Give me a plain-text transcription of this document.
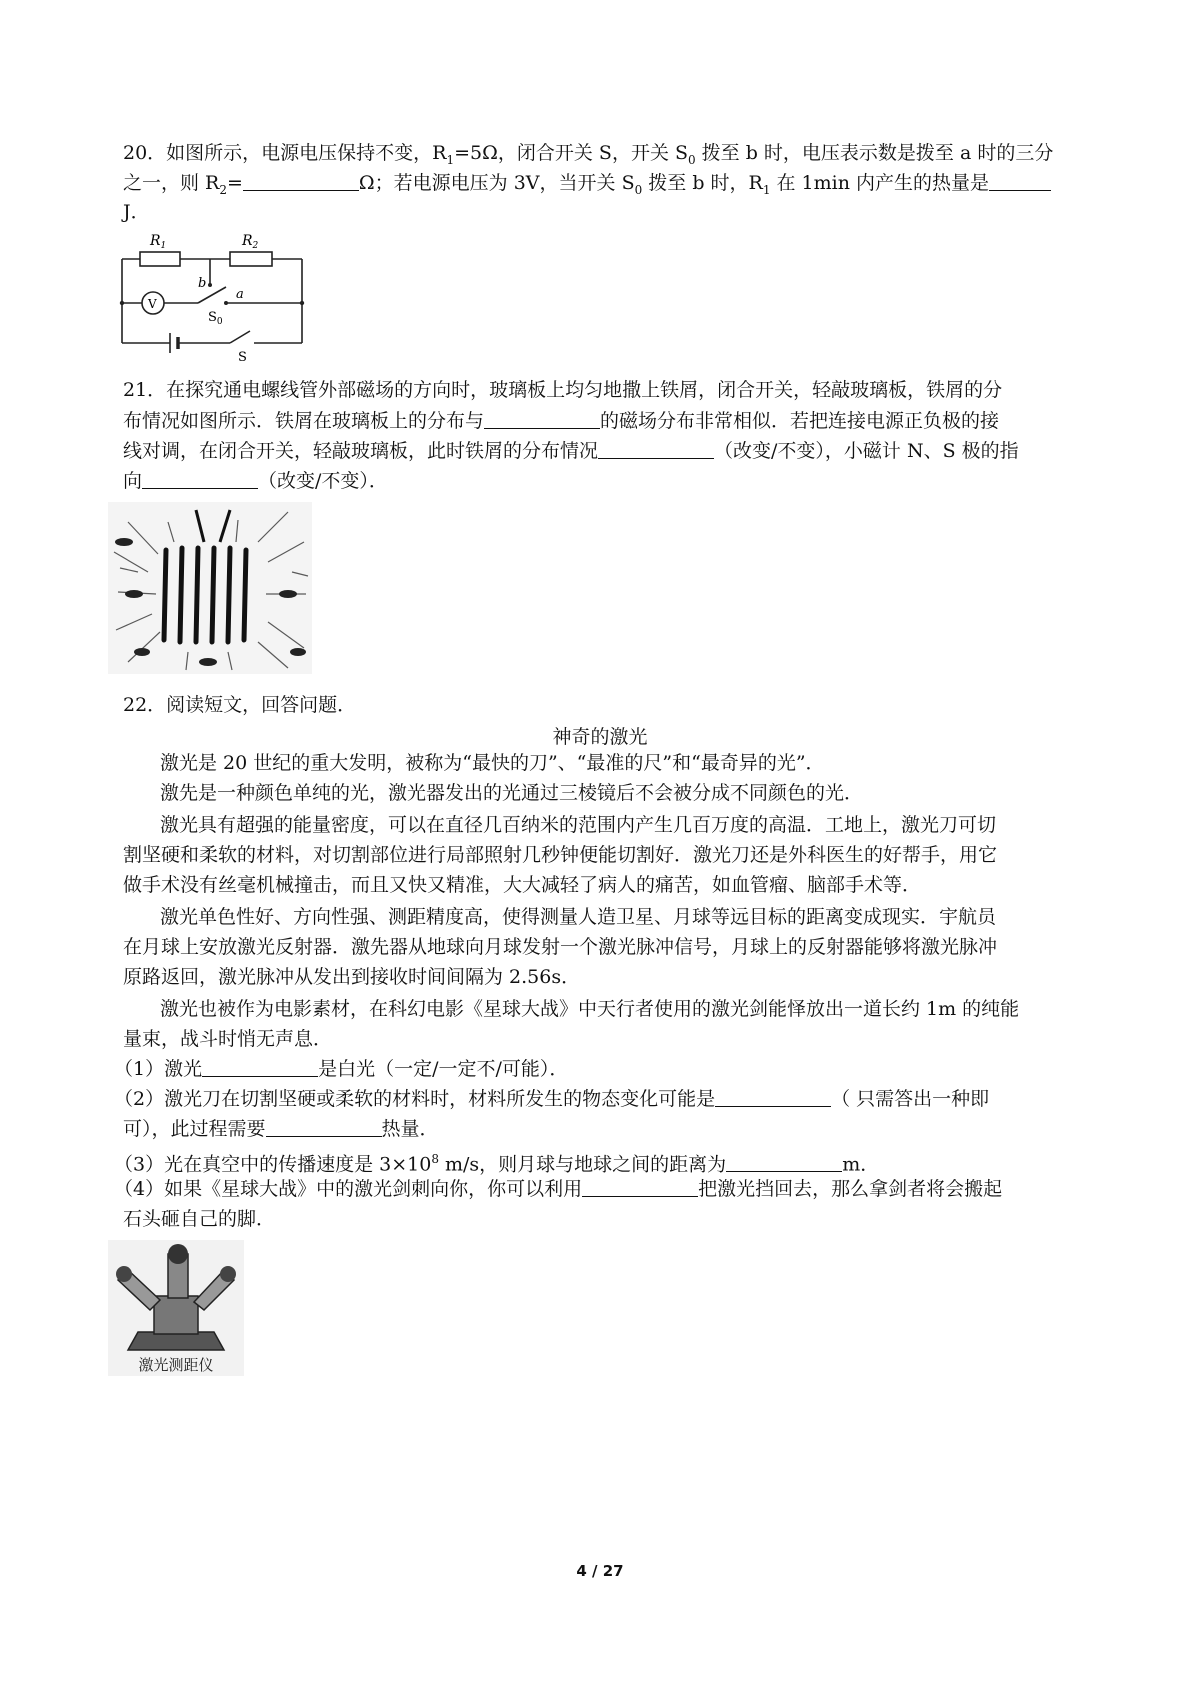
20．如图所示，电源电压保持不变，$R_1=5\Omega$，闭合开关 S，开关 $S_0$ 拨至 b 时，电压表示数是拨至 a 时的三分
之一，则 $R_2=$	Ω；若电源电压为 3V，当开关 $S_0$ 拨至 b 时，$R_1$ 在 1min 内产生的热量是
J．
$R_1$	$R_2$
b
a
V
$S_0$
S
21．在探究通电螺线管外部磁场的方向时，玻璃板上均匀地撒上铁屑，闭合开关，轻敲玻璃板，铁屑的分
布情况如图所示．铁屑在玻璃板上的分布与	的磁场分布非常相似．若把连接电源正负极的接
线对调，在闭合开关，轻敲玻璃板，此时铁屑的分布情况	（改变/不变），小磁计 N、S 极的指
向	（改变/不变）．
22．阅读短文，回答问题．
神奇的激光
激光是 20 世纪的重大发明，被称为“最快的刀”、“最准的尺”和“最奇异的光”．
激先是一种颜色单纯的光，激光器发出的光通过三棱镜后不会被分成不同颜色的光．
激光具有超强的能量密度，可以在直径几百纳米的范围内产生几百万度的高温．工地上，激光刀可切
割坚硬和柔软的材料，对切割部位进行局部照射几秒钟便能切割好．激光刀还是外科医生的好帮手，用它
做手术没有丝毫机械撞击，而且又快又精准，大大减轻了病人的痛苦，如血管瘤、脑部手术等．
激光单色性好、方向性强、测距精度高，使得测量人造卫星、月球等远目标的距离变成现实．宇航员
在月球上安放激光反射器．激先器从地球向月球发射一个激光脉冲信号，月球上的反射器能够将激光脉冲
原路返回，激光脉冲从发出到接收时间间隔为 2.56s．
激光也被作为电影素材，在科幻电影《星球大战》中天行者使用的激光剑能怿放出一道长约 1m 的纯能
量束，战斗时悄无声息．
（1）激光	是白光（一定/一定不/可能）．
（2）激光刀在切割坚硬或柔软的材料时，材料所发生的物态变化可能是	（ 只需答出一种即
可），此过程需要	热量．
（3）光在真空中的传播速度是 $3\times 10^8$ m/s，则月球与地球之间的距离为	m．
（4）如果《星球大战》中的激光剑刺向你，你可以利用	把激光挡回去，那么拿剑者将会搬起
石头砸自己的脚．
激光测距仪
4 / 27
